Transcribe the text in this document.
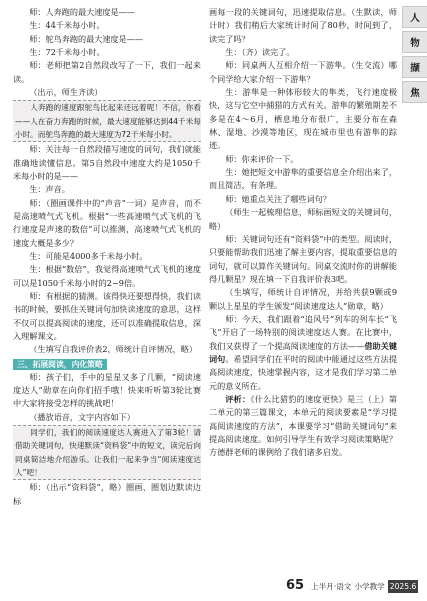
师：人奔跑的最大速度是——

生：44千米每小时。

师：鸵鸟奔跑的最大速度是——

生：72千米每小时。

师：老师把第2自然段改写了一下，我们一起来读。

（出示，师生齐读）

人奔跑的速度跟鸵鸟比起来还远着呢！不信，你看——人在奋力奔跑的时候，最大速度能够达到44千米每小时。而鸵鸟奔跑的最大速度为72千米每小时。

师：关注每一自然段描写速度的词句，我们就能准确地读懂信息。第5自然段中速度大约是1050千米每小时的是——

生：声音。

师：（圈画课件中的“声音”一词）是声音，而不是高速喷气式飞机。根据“一些高速喷气式飞机的飞行速度是声速的数倍”可以推测，高速喷气式飞机的速度大概是多少？

生：可能是4000多千米每小时。

生：根据“数倍”，我觉得高速喷气式飞机的速度可以是1050千米每小时的2~9倍。

师：有根据的猜测。该得快还要想得快，我们读书的时候，要抓住关键词句加快读速度的意思，这样不仅可以提高阅读的速度，还可以准确提取信息，深入理解课文。

（生填写自我评价表2，师统计自评情况，略）

三、拓展阅读，内化策略

师：孩子们，手中的星星又多了几颗，“阅读速度达人”勋章在向你们招手哦！快来听听第3轮比赛中大家将接受怎样的挑战吧！

（播放语音，文字内容如下）

同学们，我们的阅读速度达人赛进入了第3轮！请借助关键词句，快速默读“资料袋”中的短文，读完后向同桌简洁地介绍游乐。让我们一起来争当“阅读速度达人”吧！

师：（出示“资料袋”，略）圈画、圈划边默读边标

画每一段的关键词句，迅速提取信息。（生默读，师计时）我们稍后大家统计时间了80秒，时间到了，读完了吗？

生：（齐）读完了。

师：同桌两人互相介绍一下游隼。（生交流）哪个同学给大家介绍一下游隼？

生：游隼是一种体形较大的隼类，飞行速度极快，这与它空中捕猎的方式有关。游隼的繁殖期差不多是在4～6月，栖息地分布很广，主要分布在森林、湿地、沙漠等地区，现在城市里也有游隼的踪迹。

师：你来评价一下。

生：她把短文中游隼的重要信息全介绍出来了，而且简洁、有条理。

师：她重点关注了哪些词句？

（师生一起梳理信息，师标画短文的关键词句，略）

师：关键词句还有“资料袋”中的类型。阅读时，只要能帮助我们迅速了解主要内容，提取重要信息的词句，就可以算作关键词句。同桌交流时你的讲解能得几颗星？现在填一下自我评价表3吧。

（生填写，师统计自评情况，并给共获9颗或9颗以上星星的学生颁发“阅读速度达人”勋章，略）

师：今天，我们跟着“追风号”列车的列车长“飞飞”开启了一场特别的阅读速度达人赛。在比赛中，我们又获得了一个提高阅读速度的方法——借助关键词句。希望同学们在平时的阅读中能通过这些方法提高阅读速度，快速掌握内容，这才是我们学习第二单元的意义所在。

评析：《什么比猎豹的速度更快》是三（上）第二单元的第三篇课文，本单元的阅读要素是“学习提高阅读速度的方法”，本课要学习“借助关键词句”来提高阅读速度。如何引导学生有效学习阅读策略呢？方德群老师的课例给了我们诸多启发。

人
物
撷
焦
65 上半月·语文 小学教学 2025.6
